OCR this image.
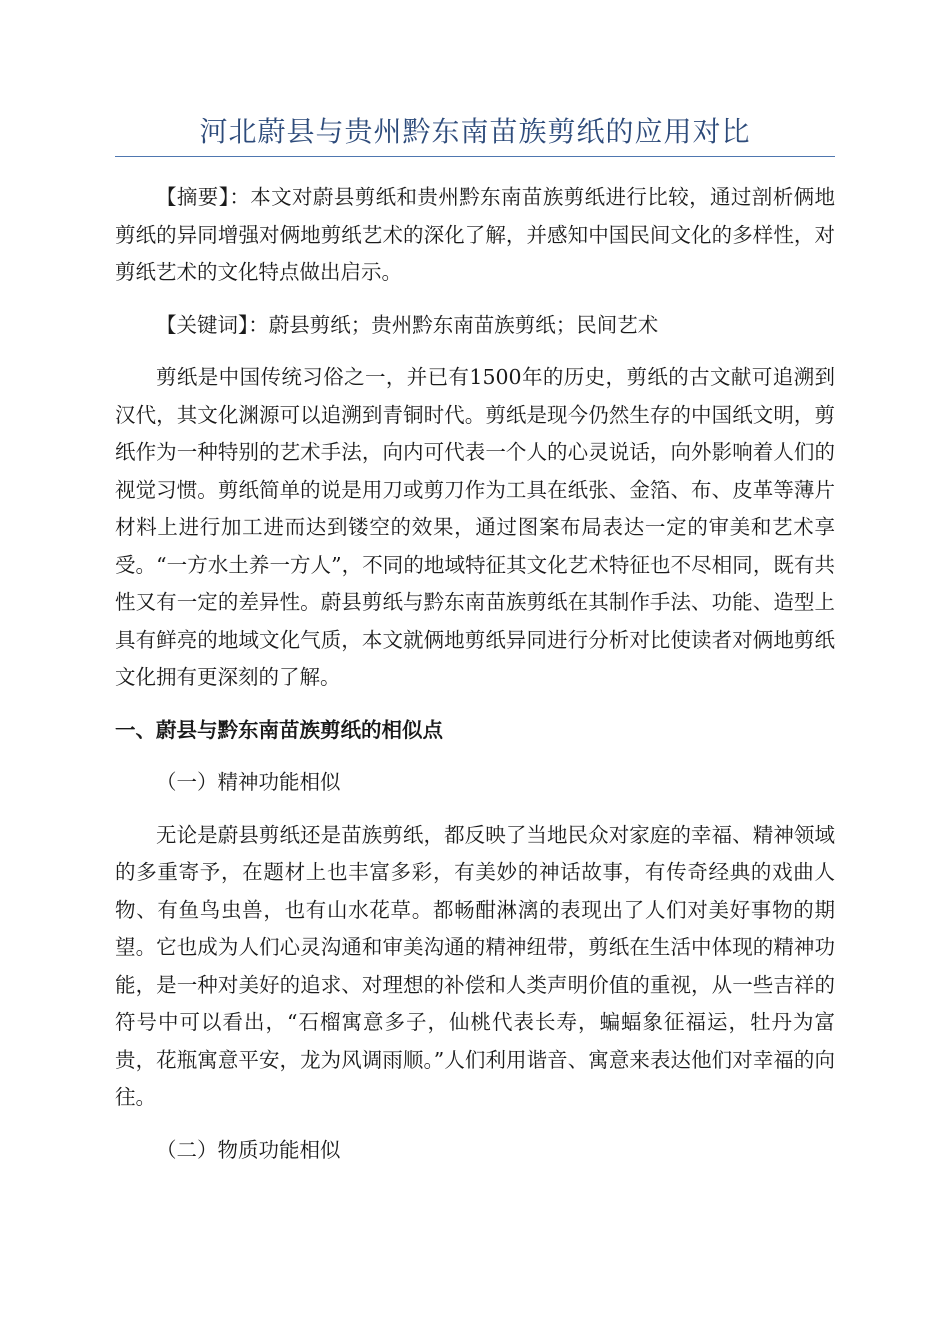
河北蔚县与贵州黔东南苗族剪纸的应用对比

【摘要】：本文对蔚县剪纸和贵州黔东南苗族剪纸进行比较，通过剖析俩地剪纸的异同增强对俩地剪纸艺术的深化了解，并感知中国民间文化的多样性，对剪纸艺术的文化特点做出启示。

【关键词】：蔚县剪纸；贵州黔东南苗族剪纸；民间艺术

剪纸是中国传统习俗之一，并已有1500年的历史，剪纸的古文献可追溯到汉代，其文化渊源可以追溯到青铜时代。剪纸是现今仍然生存的中国纸文明，剪纸作为一种特别的艺术手法，向内可代表一个人的心灵说话，向外影响着人们的视觉习惯。剪纸简单的说是用刀或剪刀作为工具在纸张、金箔、布、皮革等薄片材料上进行加工进而达到镂空的效果，通过图案布局表达一定的审美和艺术享受。“一方水土养一方人”，不同的地域特征其文化艺术特征也不尽相同，既有共性又有一定的差异性。蔚县剪纸与黔东南苗族剪纸在其制作手法、功能、造型上具有鲜亮的地域文化气质，本文就俩地剪纸异同进行分析对比使读者对俩地剪纸文化拥有更深刻的了解。

一、蔚县与黔东南苗族剪纸的相似点
（一）精神功能相似

无论是蔚县剪纸还是苗族剪纸，都反映了当地民众对家庭的幸福、精神领域的多重寄予，在题材上也丰富多彩，有美妙的神话故事，有传奇经典的戏曲人物、有鱼鸟虫兽，也有山水花草。都畅酣淋漓的表现出了人们对美好事物的期望。它也成为人们心灵沟通和审美沟通的精神纽带，剪纸在生活中体现的精神功能，是一种对美好的追求、对理想的补偿和人类声明价值的重视，从一些吉祥的符号中可以看出，“石榴寓意多子，仙桃代表长寿，蝙蝠象征福运，牡丹为富贵，花瓶寓意平安，龙为风调雨顺。”人们利用谐音、寓意来表达他们对幸福的向往。

（二）物质功能相似
